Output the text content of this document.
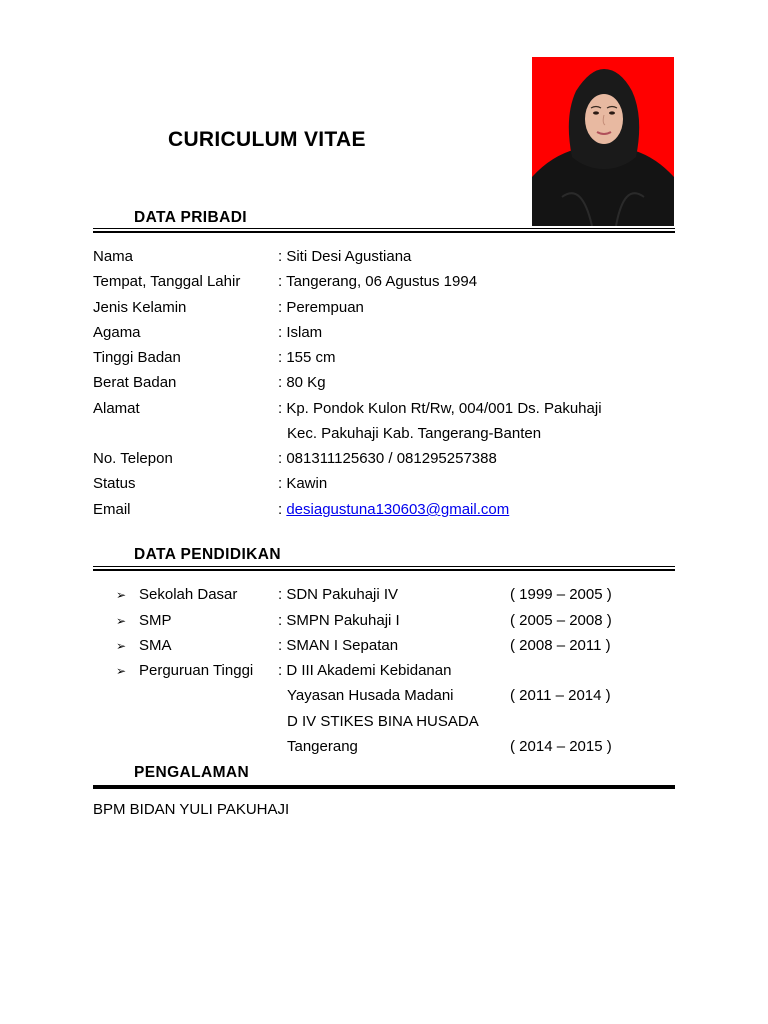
CURICULUM VITAE
DATA PRIBADI
Nama	: Siti Desi Agustiana
Tempat, Tanggal Lahir	: Tangerang, 06 Agustus 1994
Jenis Kelamin	: Perempuan
Agama	: Islam
Tinggi Badan	: 155 cm
Berat Badan	: 80 Kg
Alamat	: Kp. Pondok Kulon Rt/Rw, 004/001 Ds. Pakuhaji
Kec. Pakuhaji Kab. Tangerang-Banten
No. Telepon	: 081311125630 / 081295257388
Status	: Kawin
Email	: desiagustuna130603@gmail.com
DATA PENDIDIKAN
➢ Sekolah Dasar	: SDN Pakuhaji IV	( 1999 – 2005 )
➢ SMP	: SMPN Pakuhaji I	( 2005 – 2008 )
➢ SMA	: SMAN I Sepatan	( 2008 – 2011 )
➢ Perguruan Tinggi : D III Akademi Kebidanan
Yayasan Husada Madani	( 2011 – 2014 )
D IV STIKES BINA HUSADA
Tangerang	( 2014 – 2015 )
PENGALAMAN
BPM BIDAN YULI PAKUHAJI
